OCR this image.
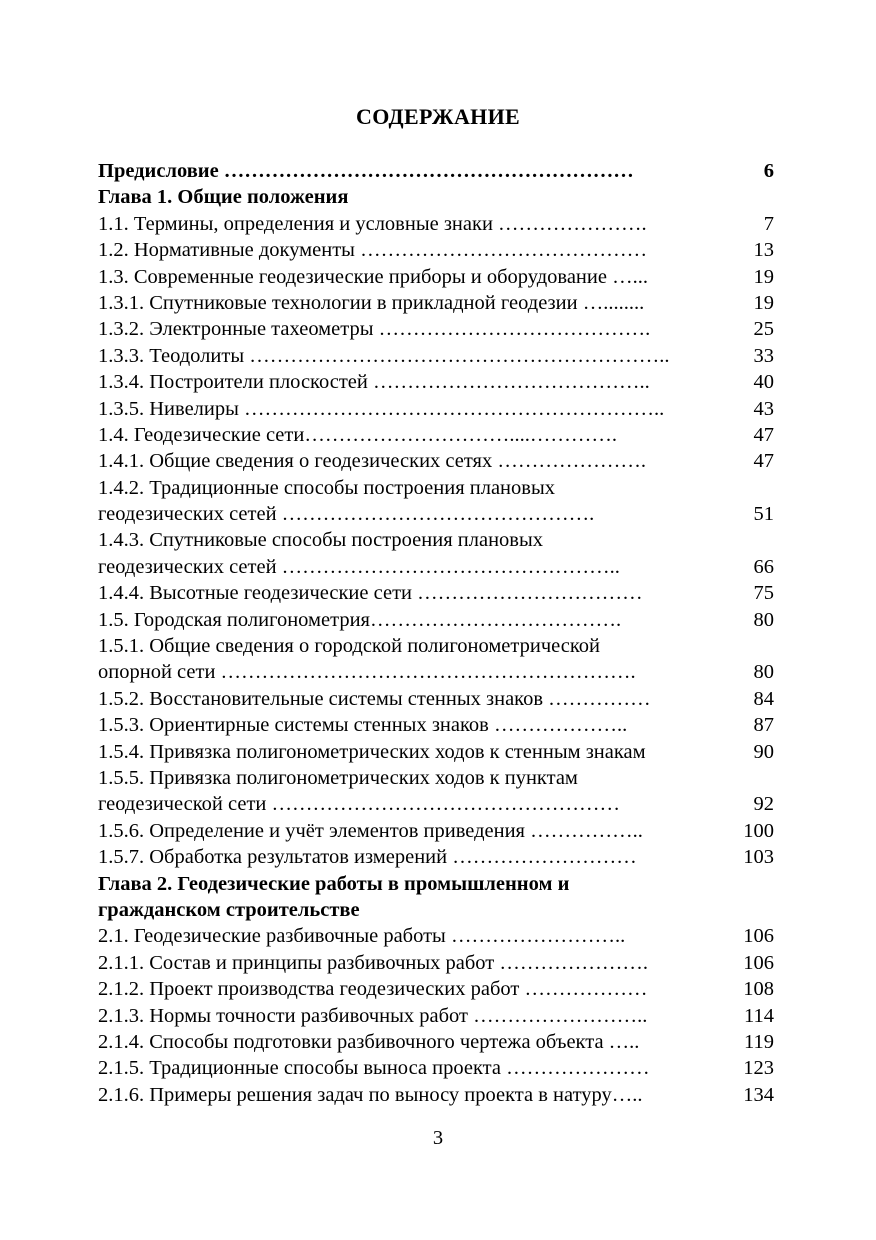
СОДЕРЖАНИЕ
Предисловие ……………………………………………………	6
Глава 1. Общие положения
1.1. Термины, определения и условные знаки ………………….	7
1.2. Нормативные документы ……………………………………	13
1.3. Современные геодезические приборы и оборудование …...	19
1.3.1. Спутниковые технологии в прикладной геодезии …........	19
1.3.2. Электронные тахеометры ………………………………….	25
1.3.3. Теодолиты ……………………………………………………..	33
1.3.4. Построители плоскостей …………………………………..	40
1.3.5. Нивелиры ……………………………………………………..	43
1.4. Геодезические сети…………………………....………….	47
1.4.1. Общие сведения о геодезических сетях ………………….	47
1.4.2. Традиционные способы построения плановых
геодезических сетей ……………………………………….	51
1.4.3. Спутниковые способы построения плановых
геодезических сетей …………………………………………..	66
1.4.4. Высотные геодезические сети ……………………………	75
1.5. Городская полигонометрия……………………………….	80
1.5.1. Общие сведения о городской полигонометрической
опорной сети …………………………………………………….	80
1.5.2. Восстановительные системы стенных знаков ……………	84
1.5.3. Ориентирные системы стенных знаков ………………..	87
1.5.4. Привязка полигонометрических ходов к стенным знакам	90
1.5.5. Привязка полигонометрических ходов к пунктам
геодезической сети ……………………………………………	92
1.5.6. Определение и учёт элементов приведения ……………..	100
1.5.7. Обработка результатов измерений ………………………	103
Глава 2. Геодезические работы в промышленном и
гражданском строительстве
2.1. Геодезические разбивочные работы ……………………..	106
2.1.1. Состав и принципы разбивочных работ ………………….	106
2.1.2. Проект производства геодезических работ ………………	108
2.1.3. Нормы точности разбивочных работ ……………………..	114
2.1.4. Способы подготовки разбивочного чертежа объекта …..	119
2.1.5. Традиционные способы выноса проекта …………………	123
2.1.6. Примеры решения задач по выносу проекта в натуру…..	134
3
